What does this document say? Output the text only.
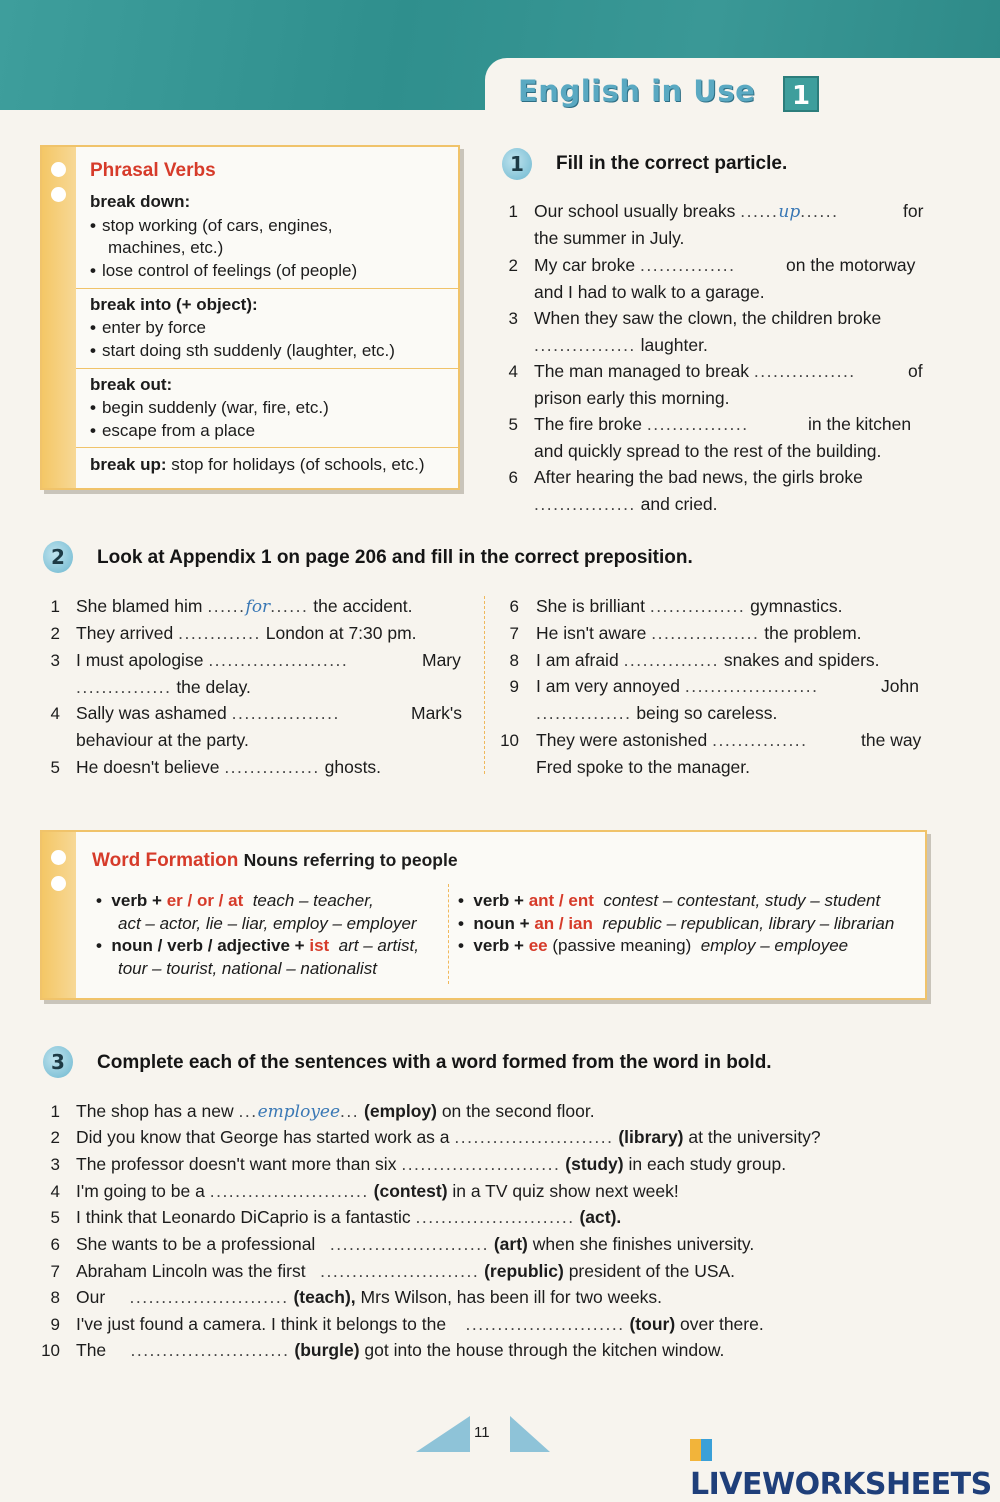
English in Use	1
Phrasal Verbs
break down:
• stop working (of cars, engines,
machines, etc.)
• lose control of feelings (of people)
break into (+ object):
• enter by force
• start doing sth suddenly (laughter, etc.)
break out:
• begin suddenly (war, fire, etc.)
• escape from a place
break up: stop for holidays (of schools, etc.)
1	Fill in the correct particle.
1 Our school usually breaks ......up......	for
the summer in July.
2 My car broke ...............	on the motorway
and I had to walk to a garage.
3 When they saw the clown, the children broke
................ laughter.
4 The man managed to break ................	of
prison early this morning.
5 The fire broke ................	in the kitchen
and quickly spread to the rest of the building.
6 After hearing the bad news, the girls broke
................ and cried.
2	Look at Appendix 1 on page 206 and fill in the correct preposition.
1 She blamed him ......for...... the accident.
2 They arrived ............. London at 7:30 pm.
3 I must apologise ......................	Mary
............... the delay.
4 Sally was ashamed .................	Mark's
behaviour at the party.
5 He doesn't believe ............... ghosts.
6 She is brilliant ............... gymnastics.
7 He isn't aware ................. the problem.
8 I am afraid ............... snakes and spiders.
9 I am very annoyed .....................	John
............... being so careless.
10 They were astonished ...............	the way
Fred spoke to the manager.
Word Formation Nouns referring to people
•  verb + er / or / at teach – teacher,
act – actor, lie – liar, employ – employer
•  noun / verb / adjective + ist art – artist,
tour – tourist, national – nationalist
•  verb + ant / ent contest – contestant, study – student
•  noun + an / ian republic – republican, library – librarian
•  verb + ee (passive meaning) employ – employee
3	Complete each of the sentences with a word formed from the word in bold.
1 The shop has a new ...employee... (employ) on the second floor.
2 Did you know that George has started work as a ......................... (library) at the university?
3 The professor doesn't want more than six ......................... (study) in each study group.
4 I'm going to be a ......................... (contest) in a TV quiz show next week!
5 I think that Leonardo DiCaprio is a fantastic ......................... (act).
6 She wants to be a professional ......................... (art) when she finishes university.
7 Abraham Lincoln was the first ......................... (republic) president of the USA.
8 Our ......................... (teach), Mrs Wilson, has been ill for two weeks.
9 I've just found a camera. I think it belongs to the ......................... (tour) over there.
10 The ......................... (burgle) got into the house through the kitchen window.
11
LIVEWORKSHEETS
